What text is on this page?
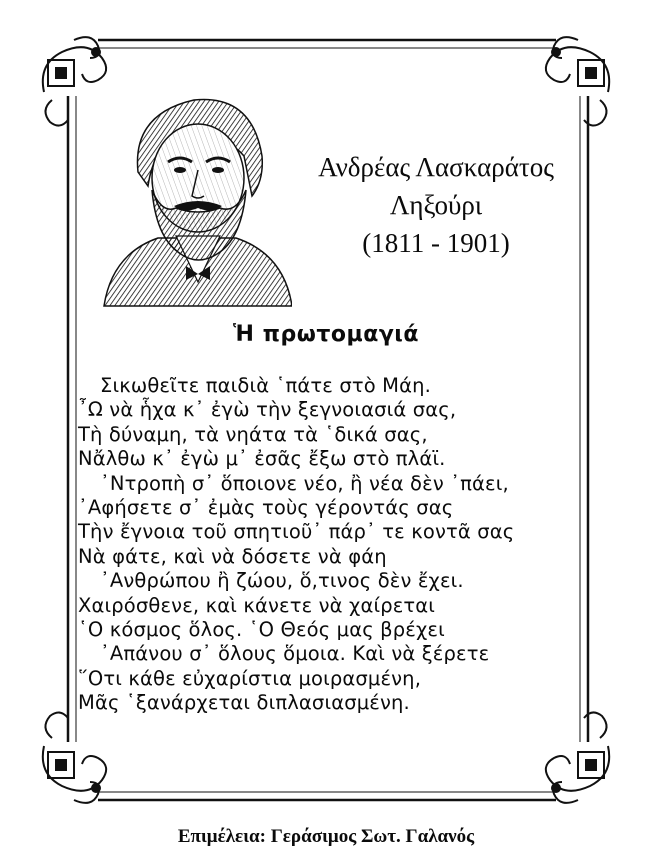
Ανδρέας Λασκαράτος
Ληξούρι
(1811 - 1901)
Ἡ πρωτομαγιά
Σικωθεῖτε παιδιὰ ῾πάτε στὸ Μάη.
῏Ω νὰ ἧχα κ᾽ ἐγὼ τὴν ξεγνοιασιά σας,
Τὴ δύναμη, τὰ νηάτα τὰ ῾δικά σας,
Νἄλθω κ᾽ ἐγὼ μ᾽ ἐσᾶς ἔξω στὸ πλάϊ.
᾽Ντροπὴ σ᾽ ὅποιονε νέο, ἢ νέα δὲν ᾽πάει,
᾽Αφήσετε σ᾽ ἐμὰς τοὺς γέροντάς σας
Τὴν ἔγνοια τοῦ σπητιοῦ᾽ πάρ᾽ τε κοντᾶ σας
Νὰ φάτε, καὶ νὰ δόσετε νὰ φάη
᾽Ανθρώπου ἢ ζώου, ὅ,τινος δὲν ἔχει.
Χαιρόσθενε, καὶ κάνετε νὰ χαίρεται
῾Ο κόσμος ὅλος. ῾Ο Θεός μας βρέχει
᾽Απάνου σ᾽ ὅλους ὅμοια. Καὶ νὰ ξέρετε
῞Οτι κάθε εὐχαρίστια μοιρασμένη,
Μᾶς ῾ξανάρχεται διπλασιασμένη.
Επιμέλεια: Γεράσιμος Σωτ. Γαλανός
